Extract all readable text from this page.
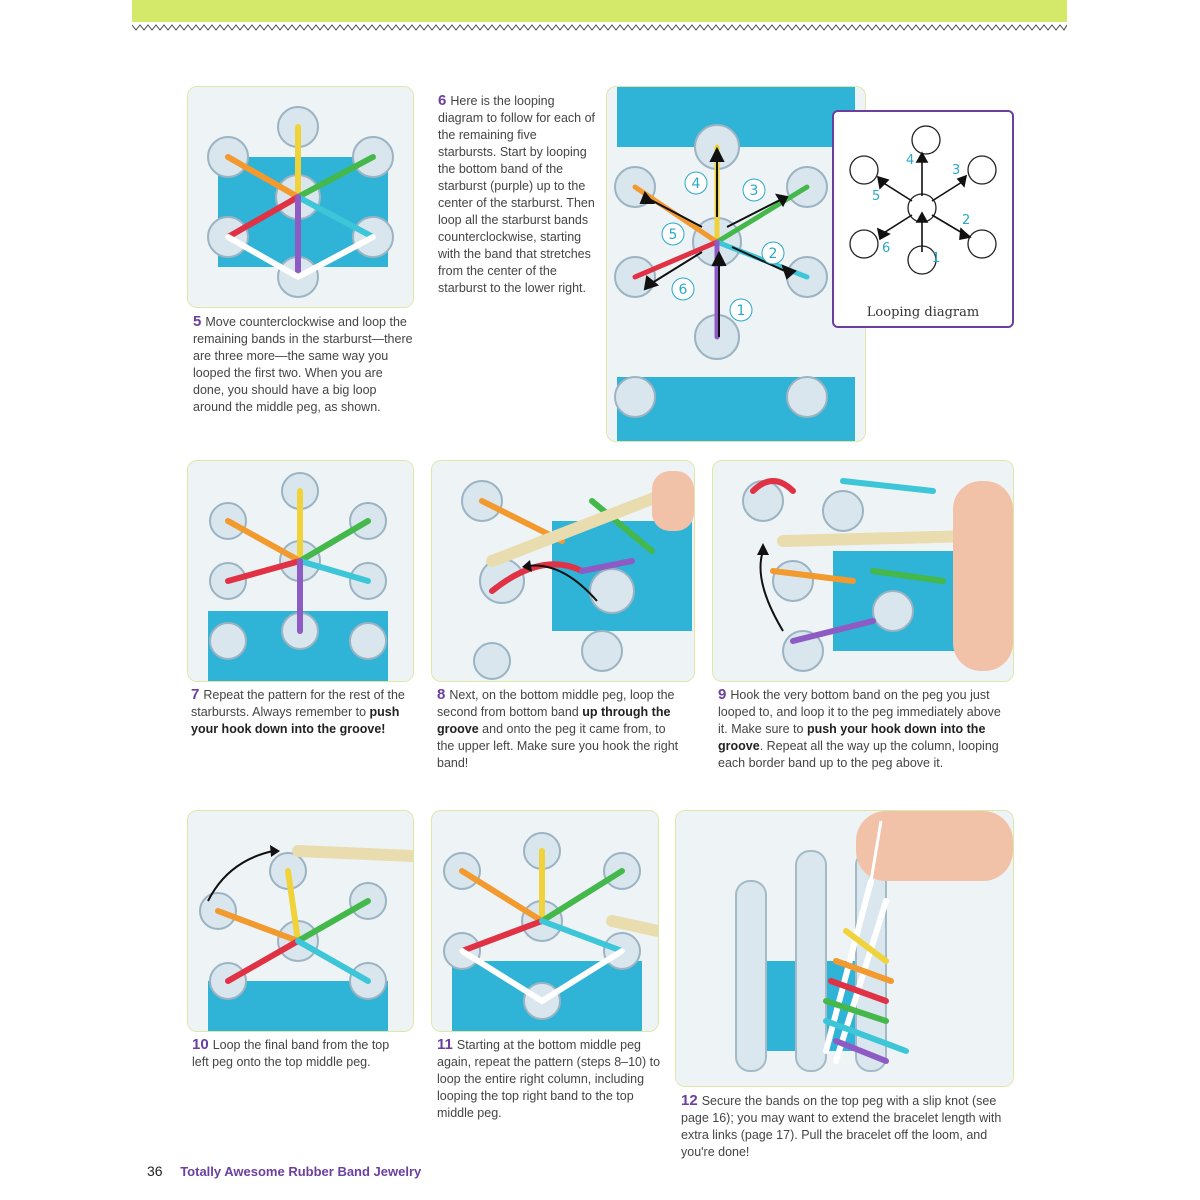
5 Move counterclockwise and loop the remaining bands in the starburst—there are three more—the same way you looped the first two. When you are done, you should have a big loop around the middle peg, as shown.
6 Here is the looping diagram to follow for each of the remaining five starbursts. Start by looping the bottom band of the starburst (purple) up to the center of the starburst. Then loop all the starburst bands counterclockwise, starting with the band that stretches from the center of the starburst to the lower right.
1
2
3
4
5
6
1
2
3
4
5
6
Looping diagram
7 Repeat the pattern for the rest of the starbursts. Always remember to push your hook down into the groove!
8 Next, on the bottom middle peg, loop the second from bottom band up through the groove and onto the peg it came from, to the upper left. Make sure you hook the right band!
9 Hook the very bottom band on the peg you just looped to, and loop it to the peg immediately above it. Make sure to push your hook down into the groove. Repeat all the way up the column, looping each border band up to the peg above it.
10 Loop the final band from the top left peg onto the top middle peg.
11 Starting at the bottom middle peg again, repeat the pattern (steps 8–10) to loop the entire right column, including looping the top right band to the top middle peg.
12 Secure the bands on the top peg with a slip knot (see page 16); you may want to extend the bracelet length with extra links (page 17). Pull the bracelet off the loom, and you're done!
36 Totally Awesome Rubber Band Jewelry
